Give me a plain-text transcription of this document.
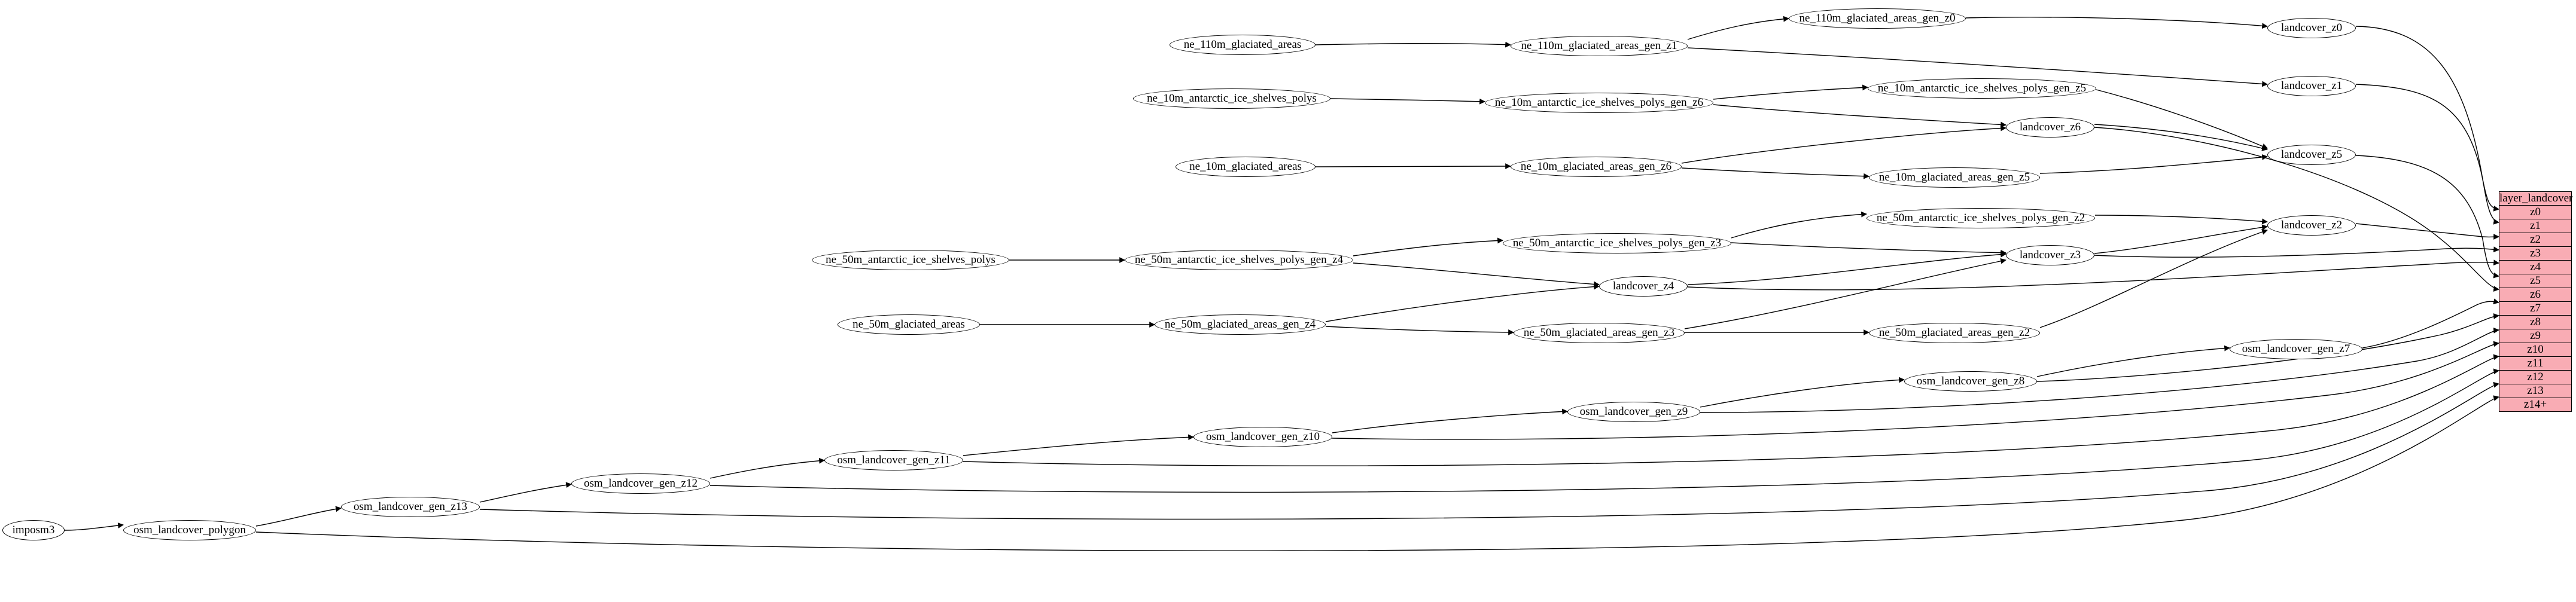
imposm3	osm_landcover_polygon
osm_landcover_gen_z13
osm_landcover_gen_z12
osm_landcover_gen_z11
osm_landcover_gen_z10
osm_landcover_gen_z9
osm_landcover_gen_z8
osm_landcover_gen_z7
ne_110m_glaciated_areas	ne_110m_glaciated_areas_gen_z1
ne_110m_glaciated_areas_gen_z0
ne_10m_antarctic_ice_shelves_polys	ne_10m_antarctic_ice_shelves_polys_gen_z6
ne_10m_antarctic_ice_shelves_polys_gen_z5
ne_10m_glaciated_areas	ne_10m_glaciated_areas_gen_z6
ne_10m_glaciated_areas_gen_z5
ne_50m_antarctic_ice_shelves_polys	ne_50m_antarctic_ice_shelves_polys_gen_z4
ne_50m_antarctic_ice_shelves_polys_gen_z3
ne_50m_antarctic_ice_shelves_polys_gen_z2
ne_50m_glaciated_areas	ne_50m_glaciated_areas_gen_z4
ne_50m_glaciated_areas_gen_z3	ne_50m_glaciated_areas_gen_z2
landcover_z0
landcover_z1
landcover_z2
landcover_z3
landcover_z4
landcover_z5
landcover_z6
layer_landcover
z0
z1
z2
z3
z4
z5
z6
z7
z8
z9
z10
z11
z12
z13
z14+
